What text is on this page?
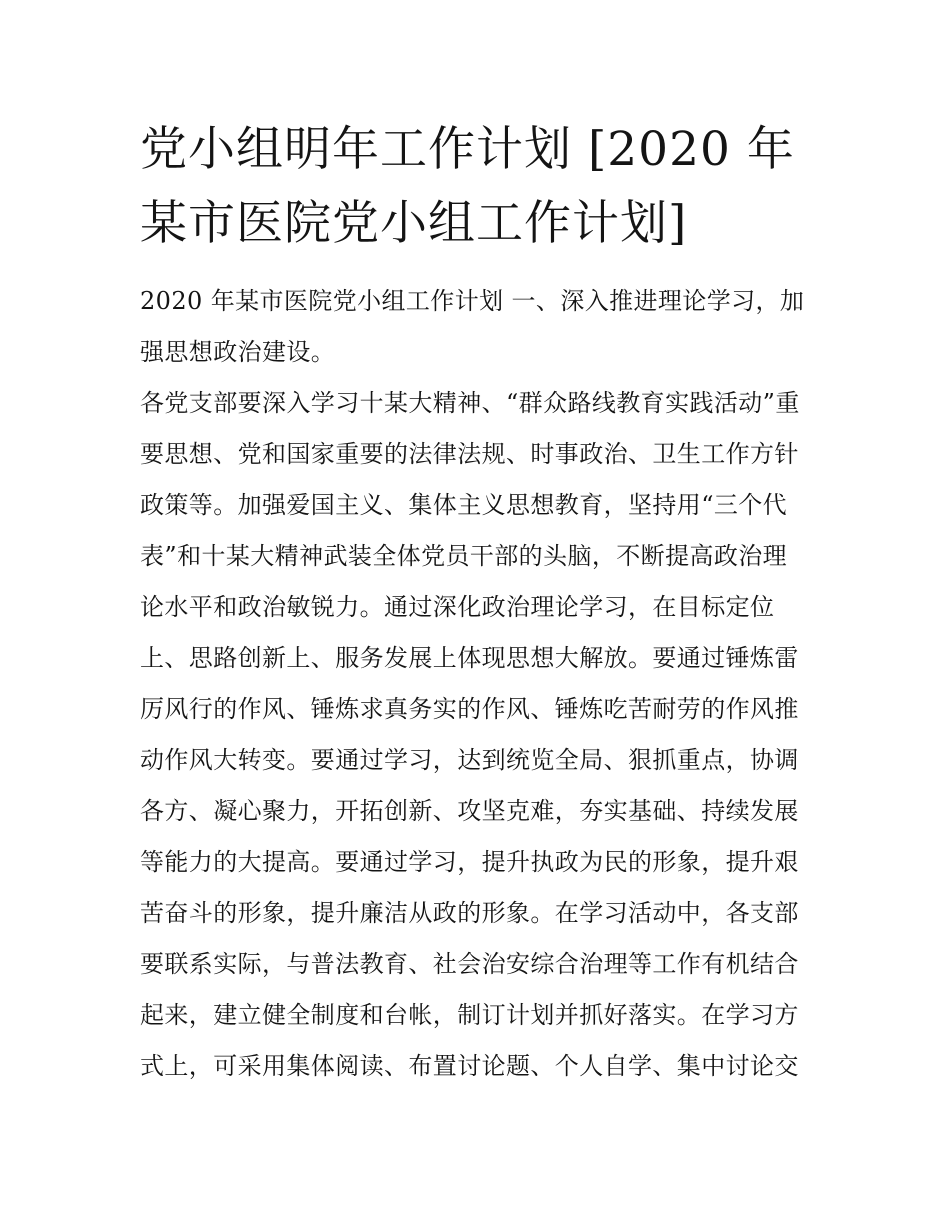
党小组明年工作计划 [2020 年
某市医院党小组工作计划]
2020 年某市医院党小组工作计划 一、深入推进理论学习，加
强思想政治建设。
各党支部要深入学习十某大精神、“群众路线教育实践活动”重
要思想、党和国家重要的法律法规、时事政治、卫生工作方针
政策等。加强爱国主义、集体主义思想教育，坚持用“三个代
表”和十某大精神武装全体党员干部的头脑，不断提高政治理
论水平和政治敏锐力。通过深化政治理论学习，在目标定位
上、思路创新上、服务发展上体现思想大解放。要通过锤炼雷
厉风行的作风、锤炼求真务实的作风、锤炼吃苦耐劳的作风推
动作风大转变。要通过学习，达到统览全局、狠抓重点，协调
各方、凝心聚力，开拓创新、攻坚克难，夯实基础、持续发展
等能力的大提高。要通过学习，提升执政为民的形象，提升艰
苦奋斗的形象，提升廉洁从政的形象。在学习活动中，各支部
要联系实际，与普法教育、社会治安综合治理等工作有机结合
起来，建立健全制度和台帐，制订计划并抓好落实。在学习方
式上，可采用集体阅读、布置讨论题、个人自学、集中讨论交
